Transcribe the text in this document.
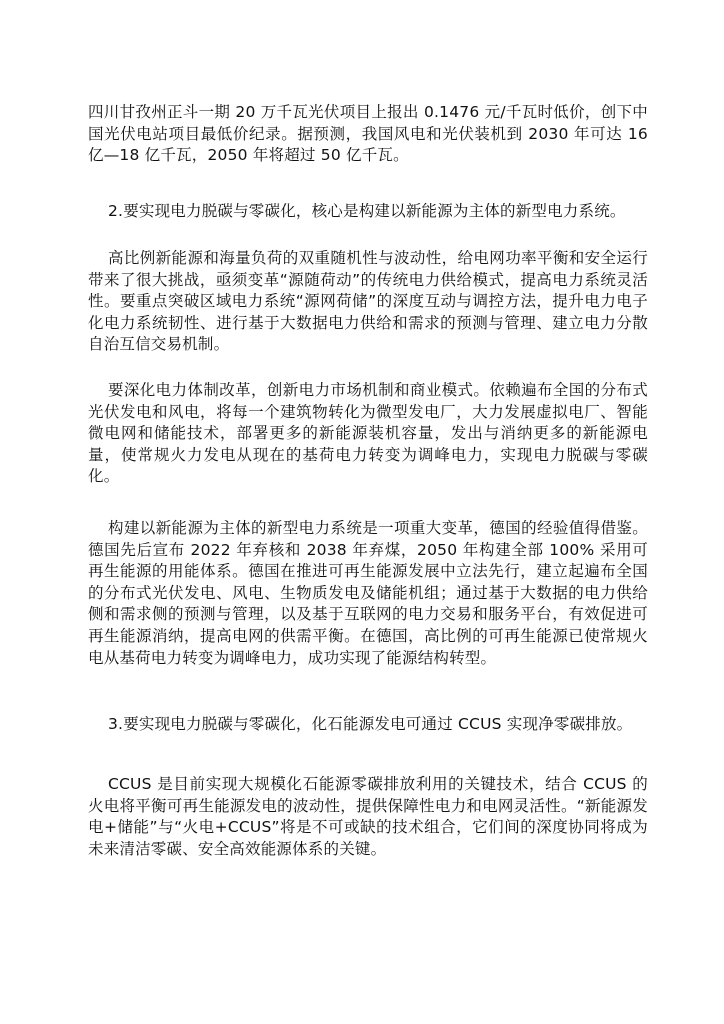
四川甘孜州正斗一期 20 万千瓦光伏项目上报出 0.1476 元/千瓦时低价，创下中国光伏电站项目最低价纪录。据预测，我国风电和光伏装机到 2030 年可达 16 亿—18 亿千瓦，2050 年将超过 50 亿千瓦。

2.要实现电力脱碳与零碳化，核心是构建以新能源为主体的新型电力系统。

高比例新能源和海量负荷的双重随机性与波动性，给电网功率平衡和安全运行带来了很大挑战，亟须变革“源随荷动”的传统电力供给模式，提高电力系统灵活性。要重点突破区域电力系统“源网荷储”的深度互动与调控方法，提升电力电子化电力系统韧性、进行基于大数据电力供给和需求的预测与管理、建立电力分散自治互信交易机制。

要深化电力体制改革，创新电力市场机制和商业模式。依赖遍布全国的分布式光伏发电和风电，将每一个建筑物转化为微型发电厂，大力发展虚拟电厂、智能微电网和储能技术，部署更多的新能源装机容量，发出与消纳更多的新能源电量，使常规火力发电从现在的基荷电力转变为调峰电力，实现电力脱碳与零碳化。

构建以新能源为主体的新型电力系统是一项重大变革，德国的经验值得借鉴。德国先后宣布 2022 年弃核和 2038 年弃煤，2050 年构建全部 100% 采用可再生能源的用能体系。德国在推进可再生能源发展中立法先行，建立起遍布全国的分布式光伏发电、风电、生物质发电及储能机组；通过基于大数据的电力供给侧和需求侧的预测与管理，以及基于互联网的电力交易和服务平台，有效促进可再生能源消纳，提高电网的供需平衡。在德国，高比例的可再生能源已使常规火电从基荷电力转变为调峰电力，成功实现了能源结构转型。

3.要实现电力脱碳与零碳化，化石能源发电可通过 CCUS 实现净零碳排放。

CCUS 是目前实现大规模化石能源零碳排放利用的关键技术，结合 CCUS 的火电将平衡可再生能源发电的波动性，提供保障性电力和电网灵活性。“新能源发电+储能”与“火电+CCUS”将是不可或缺的技术组合，它们间的深度协同将成为未来清洁零碳、安全高效能源体系的关键。
